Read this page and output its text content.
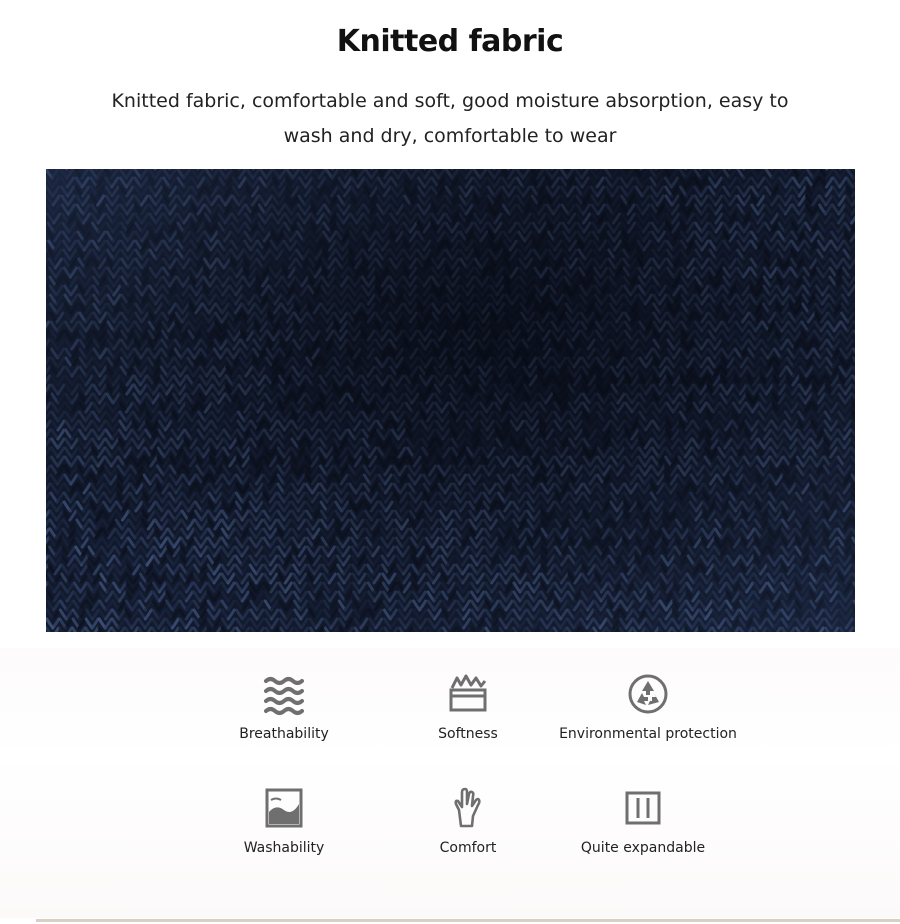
Knitted fabric
Knitted fabric, comfortable and soft, good moisture absorption, easy to wash and dry, comfortable to wear
Breathability	Softness	Environmental protection
Washability	Comfort	Quite expandable
